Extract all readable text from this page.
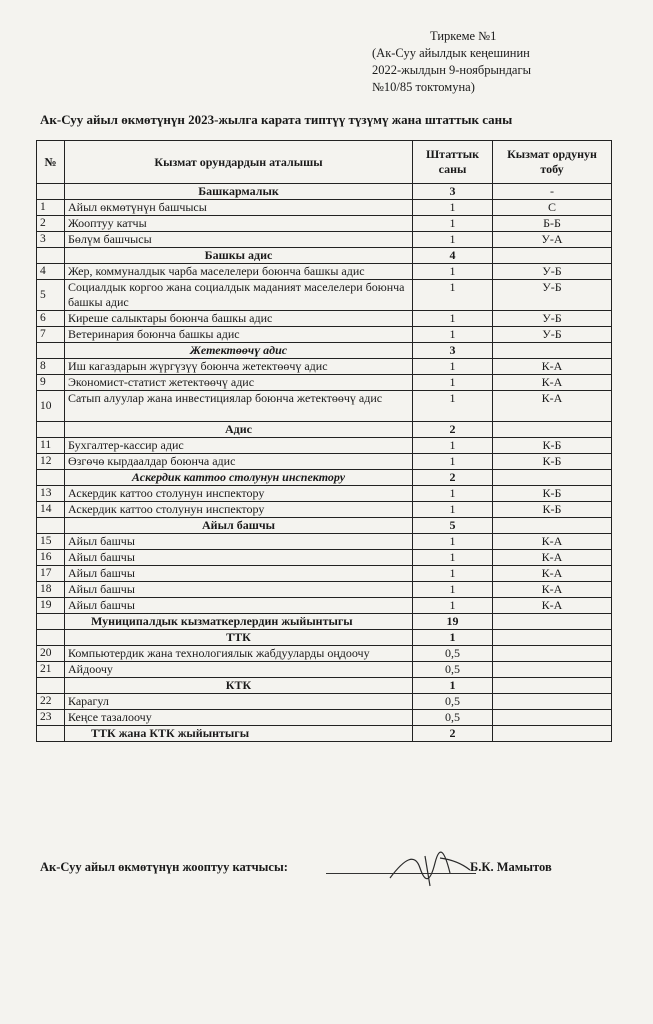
Тиркеме №1
(Ак-Суу айылдык кеңешинин
2022-жылдын 9-ноябрындагы
№10/85 токтомуна)
Ак-Суу айыл өкмөтүнүн 2023-жылга карата типтүү түзүмү жана штаттык саны
№	Кызмат орундардын аталышы	Штаттык саны	Кызмат ордунун тобу
	Башкармалык	3	-
1	Айыл өкмөтүнүн башчысы	1	С
2	Жооптуу катчы	1	Б-Б
3	Бөлүм башчысы	1	У-А
	Башкы адис	4	
4	Жер, коммуналдык чарба маселелери боюнча башкы адис	1	У-Б
5	Социалдык коргоо жана социалдык маданият маселелери боюнча башкы адис	1	У-Б
6	Киреше салыктары боюнча башкы адис	1	У-Б
7	Ветеринария боюнча башкы адис	1	У-Б
	Жетектөөчү адис	3	
8	Иш кагаздарын жүргүзүү боюнча жетектөөчү адис	1	К-А
9	Экономист-статист жетектөөчү адис	1	К-А
10	Сатып алуулар жана инвестициялар боюнча жетектөөчү адис	1	К-А
	Адис	2	
11	Бухгалтер-кассир адис	1	К-Б
12	Өзгөчө кырдаалдар боюнча адис	1	К-Б
	Аскердик каттоо столунун инспектору	2	
13	Аскердик каттоо столунун инспектору	1	К-Б
14	Аскердик каттоо столунун инспектору	1	К-Б
	Айыл башчы	5	
15	Айыл башчы	1	К-А
16	Айыл башчы	1	К-А
17	Айыл башчы	1	К-А
18	Айыл башчы	1	К-А
19	Айыл башчы	1	К-А
	Муниципалдык кызматкерлердин жыйынтыгы	19	
	ТТК	1	
20	Компьютердик жана технологиялык жабдууларды оңдоочу	0,5	
21	Айдоочу	0,5	
	КТК	1	
22	Карагул	0,5	
23	Кеңсе тазалоочу	0,5	
	ТТК жана КТК жыйынтыгы	2	
Ак-Суу айыл өкмөтүнүн жооптуу катчысы:	Б.К. Мамытов
